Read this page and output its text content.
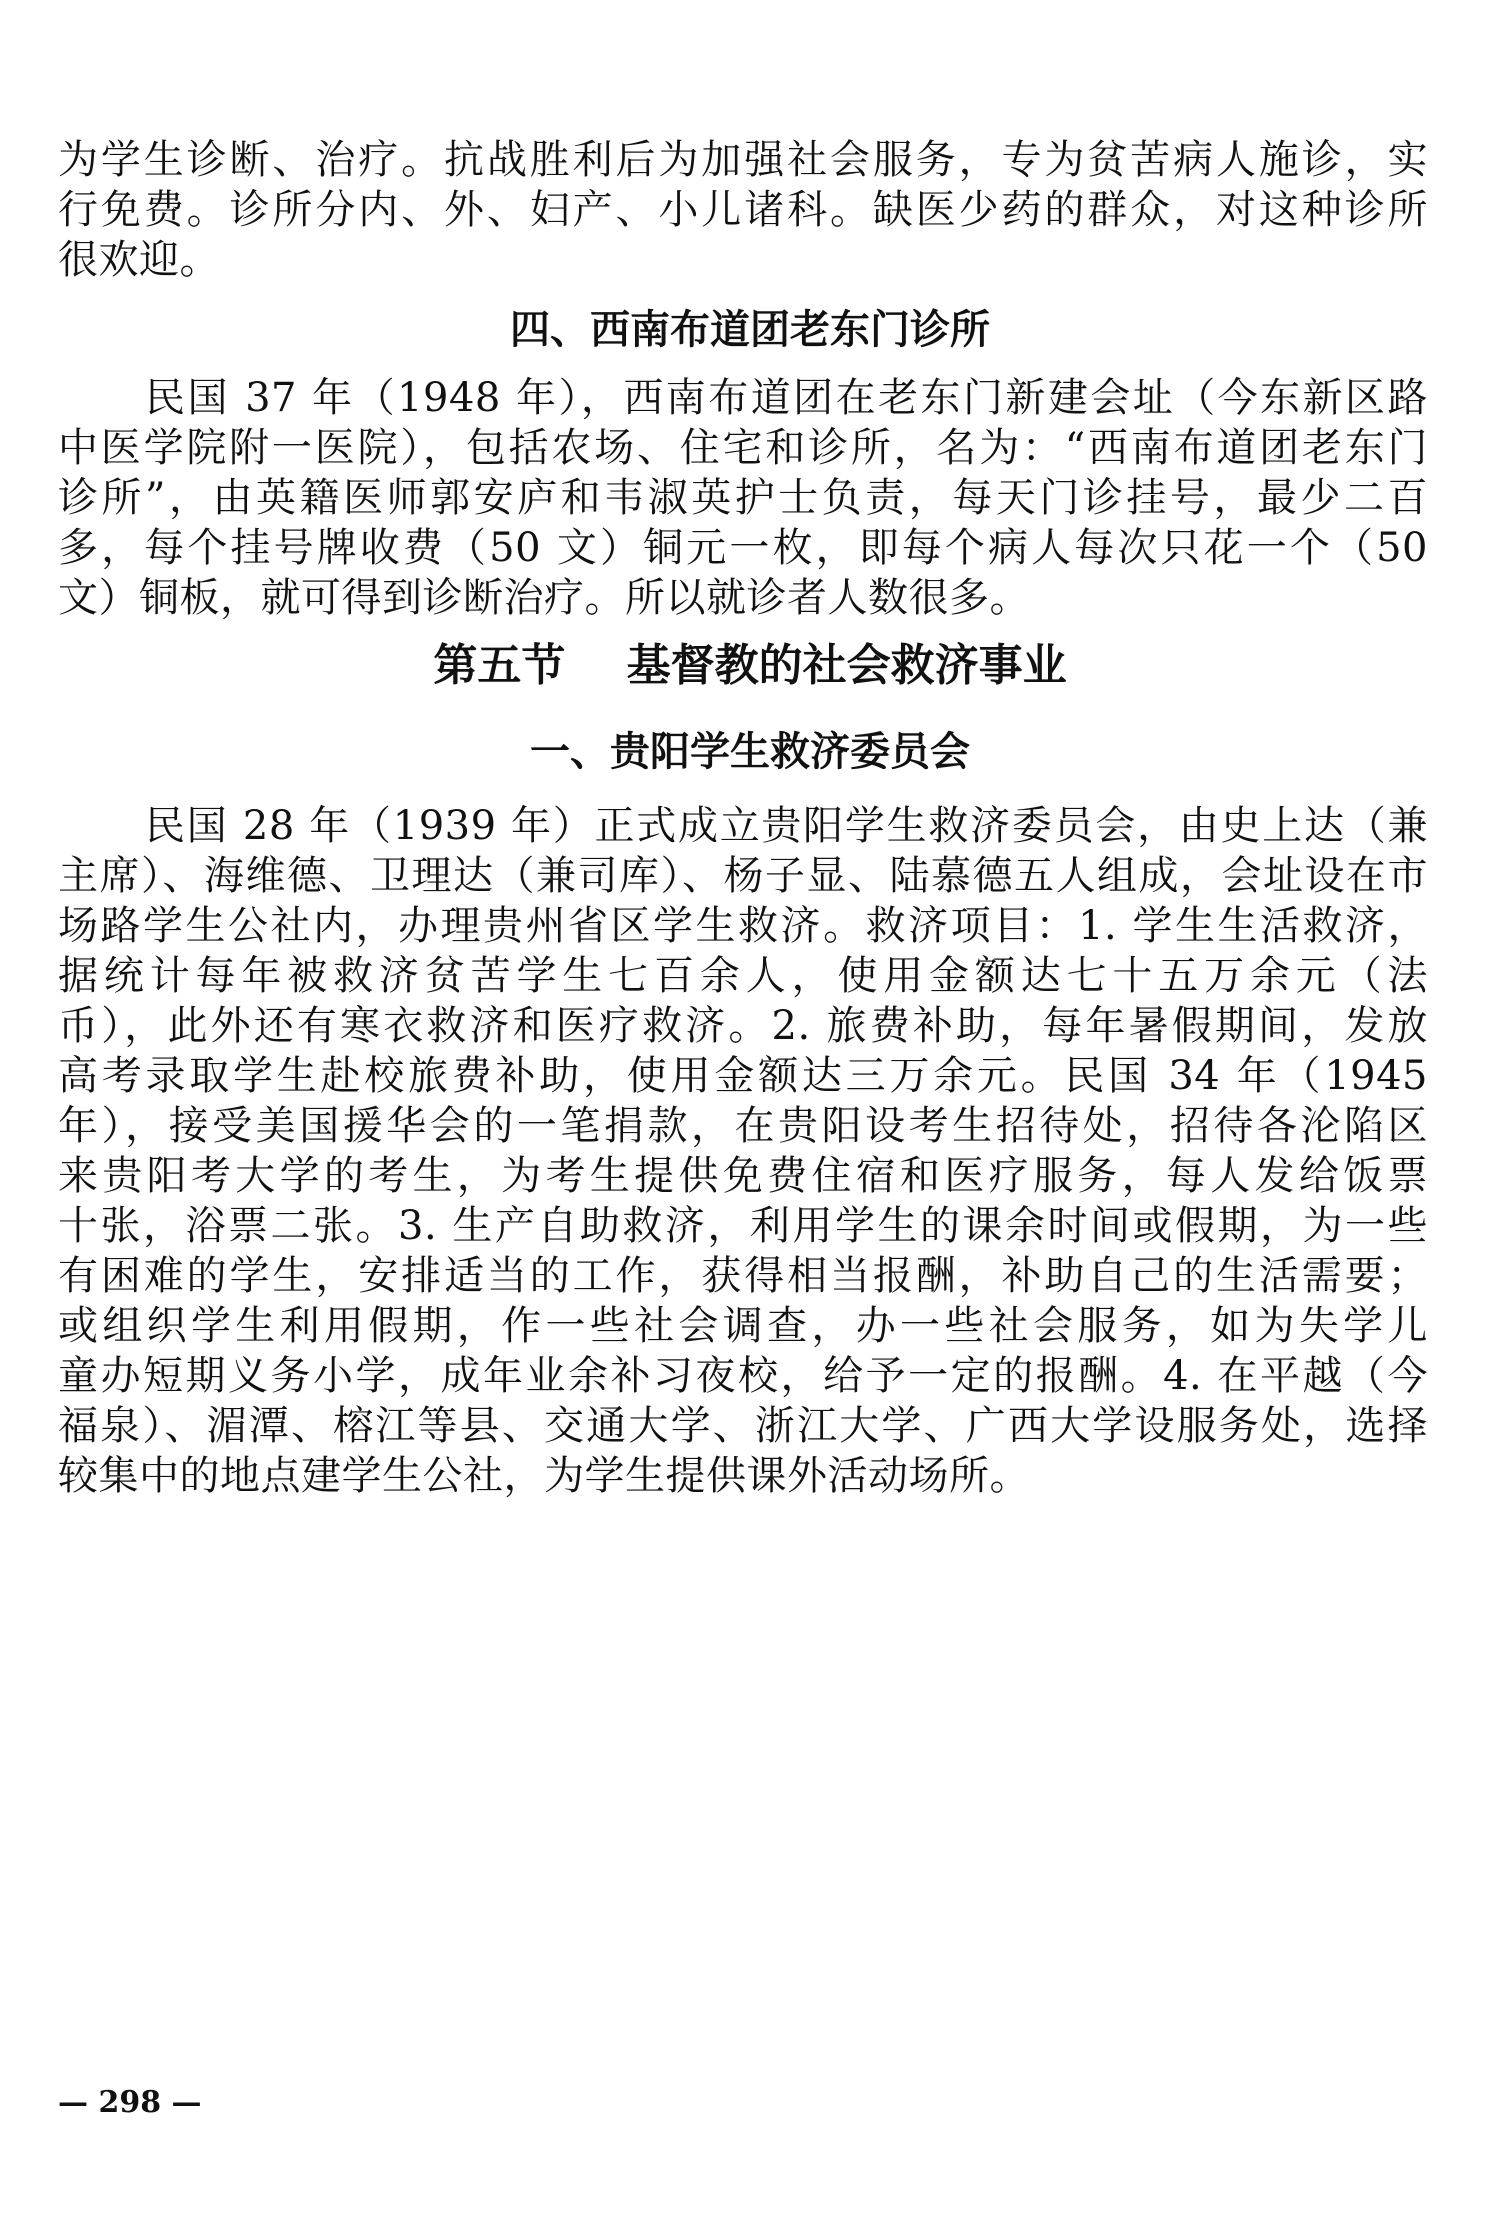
为学生诊断、治疗。抗战胜利后为加强社会服务，专为贫苦病人施诊，实
行免费。诊所分内、外、妇产、小儿诸科。缺医少药的群众，对这种诊所
很欢迎。
四、西南布道团老东门诊所
民国 37 年（1948 年），西南布道团在老东门新建会址（今东新区路
中医学院附一医院），包括农场、住宅和诊所，名为：“西南布道团老东门
诊所”，由英籍医师郭安庐和韦淑英护士负责，每天门诊挂号，最少二百
多，每个挂号牌收费（50 文）铜元一枚，即每个病人每次只花一个（50
文）铜板，就可得到诊断治疗。所以就诊者人数很多。
第五节    基督教的社会救济事业
一、贵阳学生救济委员会
民国 28 年（1939 年）正式成立贵阳学生救济委员会，由史上达（兼
主席）、海维德、卫理达（兼司库）、杨子显、陆慕德五人组成，会址设在市
场路学生公社内，办理贵州省区学生救济。救济项目：1. 学生生活救济，
据统计每年被救济贫苦学生七百余人，使用金额达七十五万余元（法
币），此外还有寒衣救济和医疗救济。2. 旅费补助，每年暑假期间，发放
高考录取学生赴校旅费补助，使用金额达三万余元。民国 34 年（1945
年），接受美国援华会的一笔捐款，在贵阳设考生招待处，招待各沦陷区
来贵阳考大学的考生，为考生提供免费住宿和医疗服务，每人发给饭票
十张，浴票二张。3. 生产自助救济，利用学生的课余时间或假期，为一些
有困难的学生，安排适当的工作，获得相当报酬，补助自己的生活需要；
或组织学生利用假期，作一些社会调查，办一些社会服务，如为失学儿
童办短期义务小学，成年业余补习夜校，给予一定的报酬。4. 在平越（今
福泉）、湄潭、榕江等县、交通大学、浙江大学、广西大学设服务处，选择
较集中的地点建学生公社，为学生提供课外活动场所。
— 298 —
